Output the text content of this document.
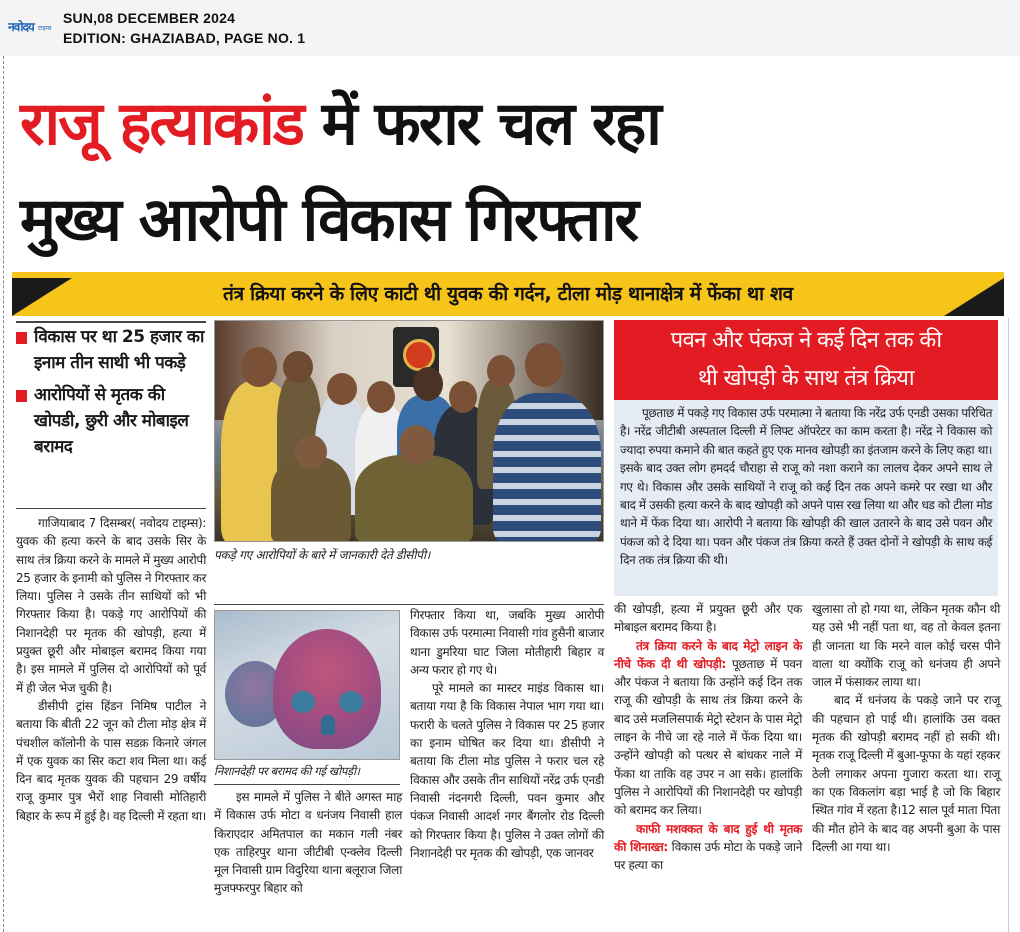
नवोदय टाइम्स
SUN,08 DECEMBER 2024
EDITION: GHAZIABAD, PAGE NO. 1
राजू हत्याकांड में फरार चल रहा
मुख्य आरोपी विकास गिरफ्तार
तंत्र क्रिया करने के लिए काटी थी युवक की गर्दन, टीला मोड़ थानाक्षेत्र में फेंका था शव
विकास पर था 25 हजार का इनाम तीन साथी भी पकड़े
आरोपियों से मृतक की खोपडी, छुरी और मोबाइल बरामद

गाजियाबाद 7 दिसम्बर( नवोदय टाइम्स): युवक की हत्या करने के बाद उसके सिर के साथ तंत्र क्रिया करने के मामले में मुख्य आरोपी 25 हजार के इनामी को पुलिस ने गिरफ्तार कर लिया। पुलिस ने उसके तीन साथियों को भी गिरफ्तार किया है। पकड़े गए आरोपियों की निशानदेही पर मृतक की खोपड़ी, हत्या में प्रयुक्त छूरी और मोबाइल बरामद किया गया है। इस मामले में पुलिस दो आरोपियों को पूर्व में ही जेल भेज चुकी है।

डीसीपी ट्रांस हिंडन निमिष पाटील ने बताया कि बीती 22 जून को टीला मोड़ क्षेत्र में पंचशील कॉलोनी के पास सडक़ किनारे जंगल में एक युवक का सिर कटा शव मिला था। कई दिन बाद मृतक युवक की पहचान 29 वर्षीय राजू कुमार पुत्र भैरों शाह निवासी मोतिहारी बिहार के रूप में हुई है। वह दिल्ली में रहता था।

पकड़े गए आरोपियों के बारे में जानकारी देते डीसीपी।
निशानदेही पर बरामद की गई खोपड़ी।

इस मामले में पुलिस ने बीते अगस्त माह में विकास उर्फ मोटा व धनंजय निवासी हाल किराएदार अमितपाल का मकान गली नंबर एक ताहिरपुर थाना जीटीबी एन्क्लेव दिल्ली मूल निवासी ग्राम विदुरिया थाना बलूराज जिला मुजफ्फरपुर बिहार को

गिरफ्तार किया था, जबकि मुख्य आरोपी विकास उर्फ परमात्मा निवासी गांव हुसैनी बाजार थाना डुमरिया घाट जिला मोतीहारी बिहार व अन्य फरार हो गए थे।

पूरे मामले का मास्टर माइंड विकास था। बताया गया है कि विकास नेपाल भाग गया था। फरारी के चलते पुलिस ने विकास पर 25 हजार का इनाम घोषित कर दिया था। डीसीपी ने बताया कि टीला मोड पुलिस ने फरार चल रहे विकास और उसके तीन साथियों नरेंद्र उर्फ एनडी निवासी नंदनगरी दिल्ली, पवन कुमार और पंकज निवासी आदर्श नगर बैंगलोर रोड दिल्ली को गिरफ्तार किया है। पुलिस ने उक्त लोगों की निशानदेही पर मृतक की खोपड़ी, एक जानवर

पवन और पंकज ने कई दिन तक की
थी खोपड़ी के साथ तंत्र क्रिया

पूछताछ में पकड़े गए विकास उर्फ परमात्मा ने बताया कि नरेंद्र उर्फ एनडी उसका परिचित है। नरेंद्र जीटीबी अस्पताल दिल्ली में लिफ्ट ऑपरेटर का काम करता है। नरेंद्र ने विकास को ज्यादा रुपया कमाने की बात कहते हुए एक मानव खोपड़ी का इंतजाम करने के लिए कहा था। इसके बाद उक्त लोग हमदर्द चौराहा से राजू को नशा कराने का लालच देकर अपने साथ ले गए थे। विकास और उसके साथियों ने राजू को कई दिन तक अपने कमरे पर रखा था और बाद में उसकी हत्या करने के बाद खोपड़ी को अपने पास रख लिया था और धड को टीला मोड थाने में फेंक दिया था। आरोपी ने बताया कि खोपड़ी की खाल उतारने के बाद उसे पवन और पंकज को दे दिया था। पवन और पंकज तंत्र क्रिया करते हैं उक्त दोनों ने खोपड़ी के साथ कई दिन तक तंत्र क्रिया की थी।

की खोपड़ी, हत्या में प्रयुक्त छूरी और एक मोबाइल बरामद किया है।

तंत्र क्रिया करने के बाद मेट्रो लाइन के नीचे फेंक दी थी खोपड़ी: पूछताछ में पवन और पंकज ने बताया कि उन्होंने कई दिन तक राजू की खोपड़ी के साथ तंत्र क्रिया करने के बाद उसे मजलिसपार्क मेट्रो स्टेशन के पास मेट्रो लाइन के नीचे जा रहे नाले में फेंक दिया था। उन्होंने खोपड़ी को पत्थर से बांधकर नाले में फेंका था ताकि वह उपर न आ सके। हालांकि पुलिस ने आरोपियों की निशानदेही पर खोपड़ी को बरामद कर लिया।

काफी मशक्कत के बाद हुई थी मृतक की शिनाख्त: विकास उर्फ मोटा के पकड़े जाने पर हत्या का

खुलासा तो हो गया था, लेकिन मृतक कौन थी यह उसे भी नहीं पता था, वह तो केवल इतना ही जानता था कि मरने वाल कोई चरस पीने वाला था क्योंकि राजू को धनंजय ही अपने जाल में फंसाकर लाया था।

बाद में धनंजय के पकड़े जाने पर राजू की पहचान हो पाई थी। हालांकि उस वक्त मृतक की खोपड़ी बरामद नहीं हो सकी थी। मृतक राजू दिल्ली में बुआ-फूफा के यहां रहकर ठेली लगाकर अपना गुजारा करता था। राजू का एक विकलांग बड़ा भाई है जो कि बिहार स्थित गांव में रहता है।12 साल पूर्व माता पिता की मौत होने के बाद वह अपनी बुआ के पास दिल्ली आ गया था।
